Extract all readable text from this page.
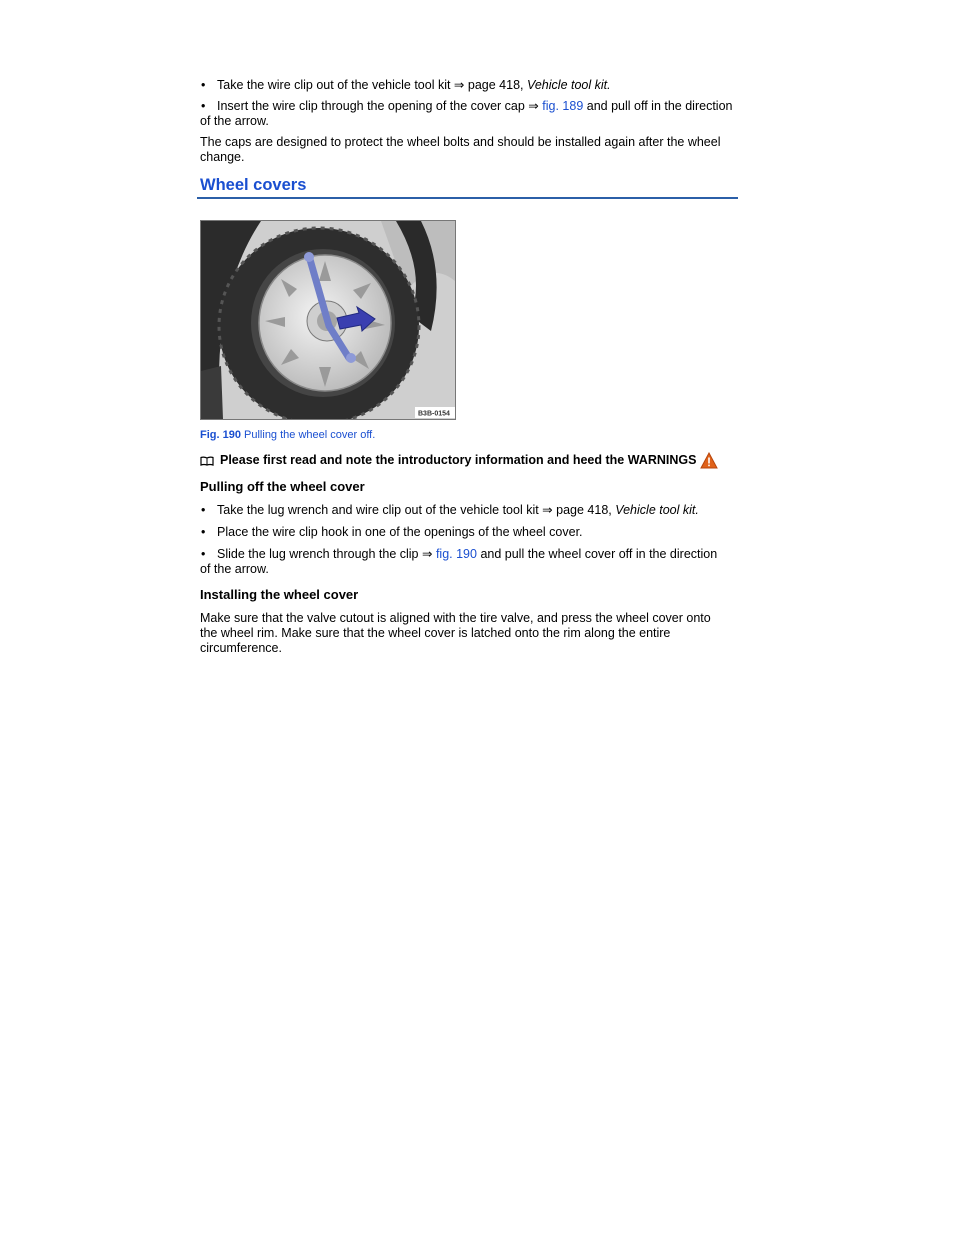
• Take the wire clip out of the vehicle tool kit ⇒ page 418, Vehicle tool kit.
• Insert the wire clip through the opening of the cover cap ⇒ fig. 189 and pull off in the direction of the arrow.

The caps are designed to protect the wheel bolts and should be installed again after the wheel change.

Wheel covers
B3B-0154
Fig. 190 Pulling the wheel cover off.
Please first read and note the introductory information and heed the WARNINGS
Pulling off the wheel cover
• Take the lug wrench and wire clip out of the vehicle tool kit ⇒ page 418, Vehicle tool kit.
• Place the wire clip hook in one of the openings of the wheel cover.
• Slide the lug wrench through the clip ⇒ fig. 190 and pull the wheel cover off in the direction of the arrow.
Installing the wheel cover

Make sure that the valve cutout is aligned with the tire valve, and press the wheel cover onto the wheel rim. Make sure that the wheel cover is latched onto the rim along the entire circumference.
